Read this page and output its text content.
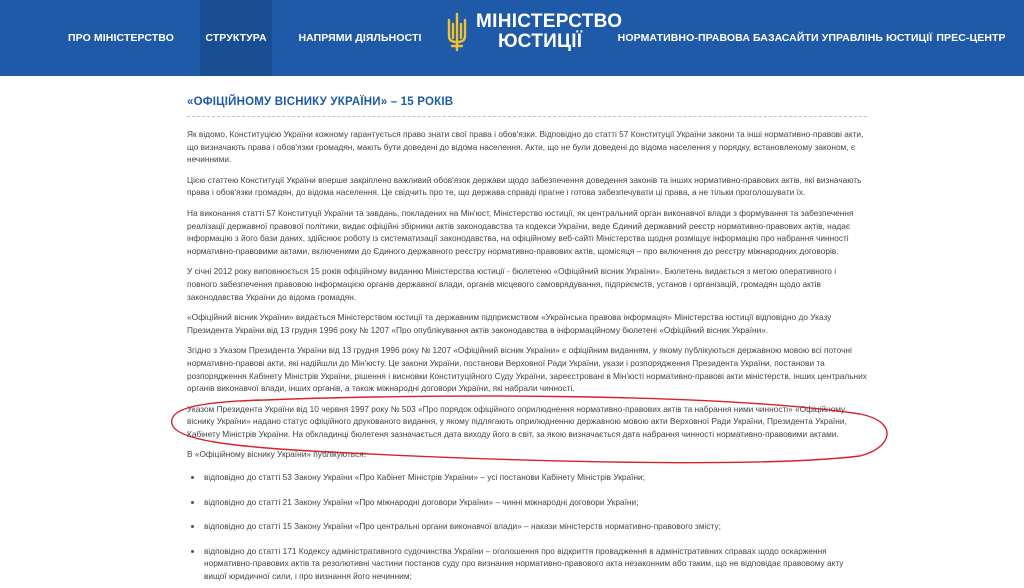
ПРО МІНІСТЕРСТВО	СТРУКТУРА	НАПРЯМИ ДІЯЛЬНОСТІ
МІНІСТЕРСТВО
ЮСТИЦІЇ	НОРМАТИВНО-ПРАВОВА БАЗА САЙТИ УПРАВЛІНЬ ЮСТИЦІЇ ПРЕС-ЦЕНТР
«ОФІЦІЙНОМУ ВІСНИКУ УКРАЇНИ» – 15 РОКІВ

Як відомо, Конституцією України кожному гарантується право знати свої права і обов'язки. Відповідно до статті 57 Конституції України закони та інші нормативно-правові акти, що визначають права і обов'язки громадян, мають бути доведені до відома населення. Акти, що не були доведені до відома населення у порядку, встановленому законом, є нечинними.

Цією статтею Конституції України вперше закріплено важливий обов'язок держави щодо забезпечення доведення законів та інших нормативно-правових актів, які визначають права і обов'язки громадян, до відома населення. Це свідчить про те, що держава справді прагне і готова забезпечувати ці права, а не тільки проголошувати їх.

На виконання статті 57 Конституції України та завдань, покладених на Мін'юст, Міністерство юстиції, як центральний орган виконавчої влади з формування та забезпечення реалізації державної правової політики, видає офіційні збірники актів законодавства та кодекси України, веде Єдиний державний реєстр нормативно-правових актів, надає інформацію з його бази даних, здійснює роботу із систематизації законодавства, на офіційному веб-сайті Міністерства щодня розміщує інформацію про набрання чинності нормативно-правовими актами, включеними до Єдиного державного реєстру нормативно-правових актів, щомісяця – про включення до реєстру міжнародних договорів.

У січні 2012 року виповнюється 15 років офіційному виданню Міністерства юстиції - бюлетеню «Офіційний вісник України». Бюлетень видається з метою оперативного і повного забезпечення правовою інформацією органів державної влади, органів місцевого самоврядування, підприємств, установ і організацій, громадян щодо актів законодавства України до відома громадян.

«Офіційний вісник України» видається Міністерством юстиції та державним підприємством «Українська правова інформація» Міністерства юстиції відповідно до Указу Президента України від 13 грудня 1996 року № 1207 «Про опублікування актів законодавства в інформаційному бюлетені «Офіційний вісник України».

Згідно з Указом Президента України від 13 грудня 1996 року № 1207 «Офіційний вісник України» є офіційним виданням, у якому публікуються державною мовою всі поточні нормативно-правові акти, які надійшли до Мін'юсту. Це закони України, постанови Верховної Ради України, укази і розпорядження Президента України, постанови та розпорядження Кабінету Міністрів України, рішення і висновки Конституційного Суду України, зареєстровані в Мін'юсті нормативно-правові акти міністерств, інших центральних органів виконавчої влади, інших органів, а також міжнародні договори України, які набрали чинності.

Указом Президента України від 10 червня 1997 року № 503 «Про порядок офіційного оприлюднення нормативно-правових актів та набрання ними чинності» «Офіційному віснику України» надано статус офіційного друкованого видання, у якому підлягають оприлюдненню державною мовою акти Верховної Ради України, Президента України, Кабінету Міністрів України. На обкладинці бюлетеня зазначається дата виходу його в світ, за якою визначається дата набрання чинності нормативно-правовими актами.

В «Офіційному віснику України» публікуються:

відповідно до статті 53 Закону України «Про Кабінет Міністрів України» – усі постанови Кабінету Міністрів України;
відповідно до статті 21 Закону України «Про міжнародні договори України» – чинні міжнародні договори України;
відповідно до статті 15 Закону України «Про центральні органи виконавчої влади» – накази міністерств нормативно-правового змісту;
відповідно до статті 171 Кодексу адміністративного судочинства України – оголошення про відкриття провадження в адміністративних справах щодо оскарження нормативно-правових актів та резолютивні частини постанов суду про визнання нормативно-правового акта незаконним або таким, що не відповідає правовому акту вищої юридичної сили, і про визнання його нечинним;
